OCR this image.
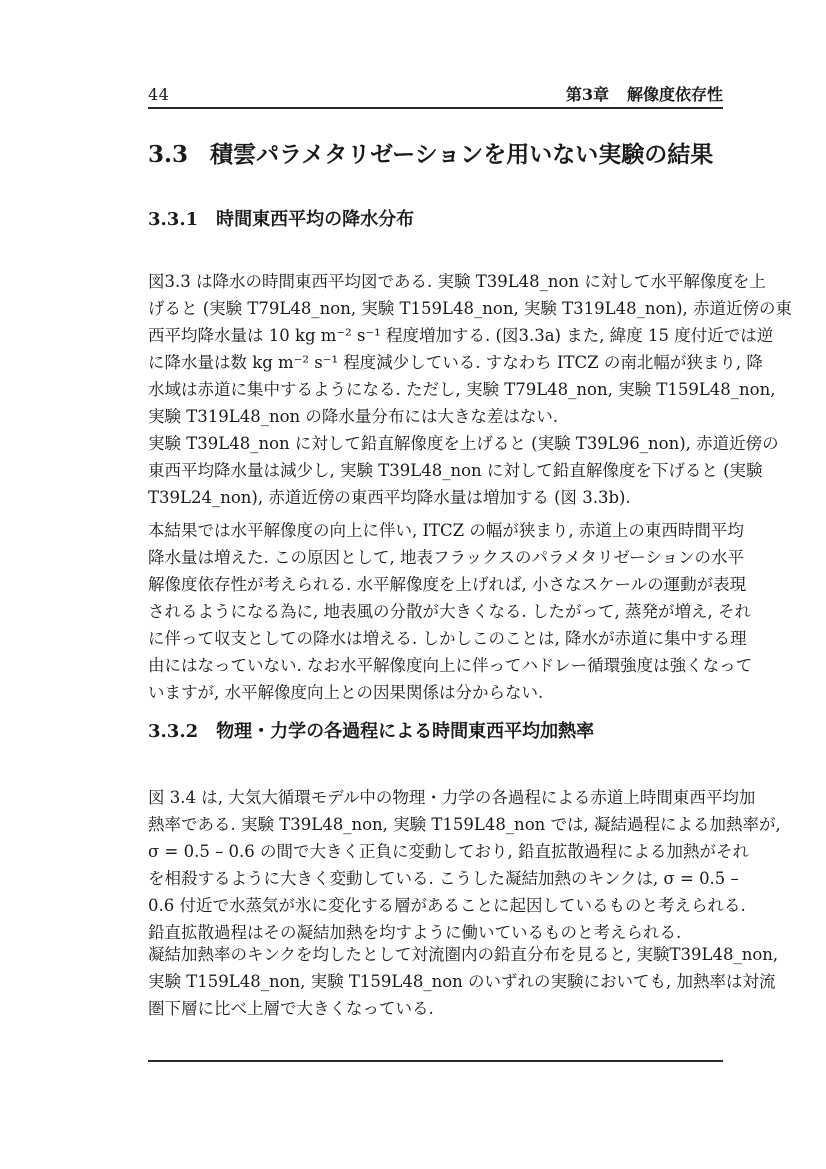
44	第3章 解像度依存性
3.3 積雲パラメタリゼーションを用いない実験の結果
3.3.1 時間東西平均の降水分布
図3.3 は降水の時間東西平均図である. 実験 T39L48_non に対して水平解像度を上
げると (実験 T79L48_non, 実験 T159L48_non, 実験 T319L48_non), 赤道近傍の東
西平均降水量は 10 kg m⁻² s⁻¹ 程度増加する. (図3.3a) また, 緯度 15 度付近では逆
に降水量は数 kg m⁻² s⁻¹ 程度減少している. すなわち ITCZ の南北幅が狭まり, 降
水域は赤道に集中するようになる. ただし, 実験 T79L48_non, 実験 T159L48_non,
実験 T319L48_non の降水量分布には大きな差はない.
実験 T39L48_non に対して鉛直解像度を上げると (実験 T39L96_non), 赤道近傍の
東西平均降水量は減少し, 実験 T39L48_non に対して鉛直解像度を下げると (実験
T39L24_non), 赤道近傍の東西平均降水量は増加する (図 3.3b).
本結果では水平解像度の向上に伴い, ITCZ の幅が狭まり, 赤道上の東西時間平均
降水量は増えた. この原因として, 地表フラックスのパラメタリゼーションの水平
解像度依存性が考えられる. 水平解像度を上げれば, 小さなスケールの運動が表現
されるようになる為に, 地表風の分散が大きくなる. したがって, 蒸発が増え, それ
に伴って収支としての降水は増える. しかしこのことは, 降水が赤道に集中する理
由にはなっていない. なお水平解像度向上に伴ってハドレー循環強度は強くなって
いますが, 水平解像度向上との因果関係は分からない.
3.3.2 物理・力学の各過程による時間東西平均加熱率
図 3.4 は, 大気大循環モデル中の物理・力学の各過程による赤道上時間東西平均加
熱率である. 実験 T39L48_non, 実験 T159L48_non では, 凝結過程による加熱率が,
σ = 0.5 – 0.6 の間で大きく正負に変動しており, 鉛直拡散過程による加熱がそれ
を相殺するように大きく変動している. こうした凝結加熱のキンクは, σ = 0.5 –
0.6 付近で水蒸気が氷に変化する層があることに起因しているものと考えられる.
鉛直拡散過程はその凝結加熱を均すように働いているものと考えられる.
凝結加熱率のキンクを均したとして対流圏内の鉛直分布を見ると, 実験T39L48_non,
実験 T159L48_non, 実験 T159L48_non のいずれの実験においても, 加熱率は対流
圏下層に比べ上層で大きくなっている.
